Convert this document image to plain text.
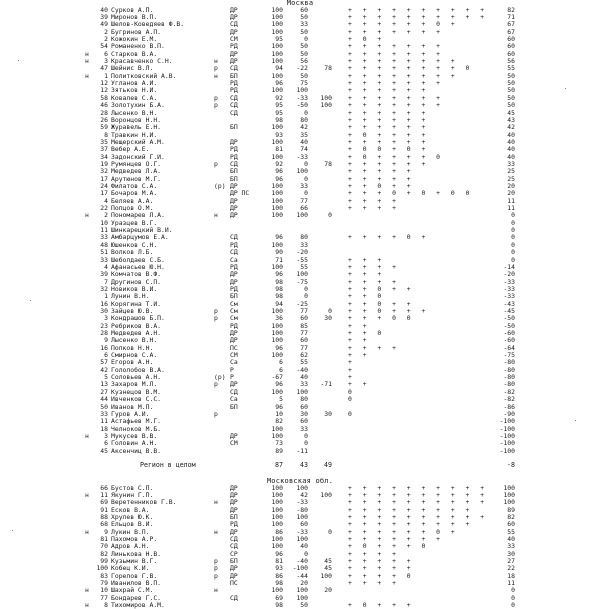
Москва
40 Сурков А.П.	ДР	100	60	+ + + + + + + + + +	82
39 Миронов В.П.	ДР	100	50	+ + + + + + + + + +	71
49 Шелов-Коведяев Ф.В.	СД	100	33	+ + + + + + 0 +	67
2 Бугринов А.П.	ДР	100	50	+ + + + + + +	67
2 Кожокин Е.М.	СМ	95	0	+ 0 +	60
54 Романенко В.П.	РД	100	50	+ + + + + + +	60
н	6 Старков В.А.	ДР	100	50	+ + + + + + +	60
н	3 Красавченко С.Н.	н	ДР	100	56	+ + + + + + + +	56
47 Шейнис В.Л.	р	СД	94	-22	78	+ + + + + + + + 0	55
н	1 Политковский А.В.	н	БП	100	50	+ + + + + + + +	50
12 Угланов А.И.	РД	96	75	+ + + + + + +	50
12 Зятьков Н.И.	РД	100	100	+ + + + + +	50
58 Ковалев С.А.	р	СД	92	-33	100	+ + + + + + +	50
46 Золотухин Б.А.	р	СД	95	-50	100	+ + + + + + +	50
28 Лысенко В.Н.	СД	95	0	+ + + + + +	45
26 Воронцов Н.Н.	98	80	+ + + + + +	43
59 Журавель Е.Н.	БП	100	42	+ + + + + +	42
8 Травкин Н.И.	93	35	+ 0 + + + +	40
35 Мещерский А.М.	ДР	100	40	+ + + + + +	40
37 Вебер А.Е.	РД	81	74	+ 0 0 + 0 +	40
34 Задонский Г.И.	РД	100	-33	+ 0 + + + + 0	40
19 Румянцев О.Г.	р	СД	92	0	78	+ + + + + +	33
32 Медведев Л.А.	БП	96	100	+ + + + +	25
17 Арутюнов М.Г.	БП	96	0	+ + + + +	25
24 Филатов С.А.	(р) ДР	100	33	+ + 0 + +	20
17 Бочаров М.А.	ДР ПС	100	0	+ + + 0 + 0 + 0 0	20
4 Беляев А.А.	ДР	100	77	+ + + +	11
22 Попцов О.М.	ДР	100	66	+ + + +	11
н	2 Пономарев Л.А.	н	ДР	100	100	0	0
10 Уразцев В.Г.	0
11 Шинкарецкий В.И.	0
33 Амбарцумов Е.А.	СД	96	80	+ + + + 0 +	0
48 Юшенков С.Н.	РД	100	33	0
51 Волков Л.Б.	СД	90	-20	0
33 Шеболдаев С.Б.	Са	71	-55	+ + +	0
4 Афанасьев Ю.Н.	РД	100	55	+ + + +	-14
39 Комчатов В.Ф.	ДР	96	100	+ + +	-20
7 Другинов С.П.	ДР	98	-75	+ + + +	-33
32 Новиков В.И.	РД	98	0	+ + 0 + +	-33
1 Лунин В.Н.	БП	98	0	+ + 0	-33
16 Корягина Т.И.	См	94	-25	+ + 0 + +	-43
30 Зайцев Ю.В.	р	См	100	77	0	+ + 0 + + +	-45
3 Кондрашов Б.П.	р	См	36	60	30	+ + + 0 0	-50
23 Ребриков В.А.	РД	100	85	+ +	-50
28 Медведев А.Н.	ДР	100	77	+ + 0	-60
9 Лысенко В.Н.	ДР	100	60	+ +	-60
16 Попков Н.Н.	ПС	96	77	+ + + +	-64
6 Смирнов С.А.	СМ	100	62	+ +	-75
57 Егоров А.Н.	Са	6	55	+	-80
42 Гололобов В.А.	Р	6	-40	+	-80
5 Соловьев А.Н.	(р) Р	-67	40	+	-80
13 Захаров М.Л.	р	ДР	96	33	-71	+ +	-80
27 Кузнецов В.М.	СД	100	100	0	-82
44 Ивченков С.С.	Са	5	80	0	-82
50 Иванов М.П.	БП	96	60	-86
33 Гуров А.И.	р	10	30	30	0	-90
11 Астафьев М.Г.	82	60	-100
18 Челноков М.Б.	100	33	-100
н	3 Мукусев В.В.	ДР	100	0	-100
6 Головин А.Н.	СМ	73	0	-100
45 Аксенчиц В.В.	89	-11	-100
Регион в целом	87	43	49	-8
Московская обл.
66 Бустов С.П.	ДР	100	100	+ + + + + + + + + +	100
н	11 Якунин Г.П.	ДР	100	42	100	+ + + + + + + + + +	100
69 Веретенников Г.В.	н	ДР	100	-33	+ + + + + + + + + +	100
91 Есков В.А.	ДР	100	-80	+ + + + + + + + +	89
88 Хрулев Ю.К.	БП	100	100	+ + + + + + + + + +	82
68 Ельцов В.И.	РД	100	60	+ + + + + + + + +	60
н	9 Лукин В.П.	н	ДР	86	-33	0	+ + + + + + 0 +	55
81 Пахомов А.Р.	СД	100	100	+ + + + + + +	40
70 Адров А.Н.	СД	100	40	+ 0 + + + 0	33
82 Линькова Н.В.	СР	96	0	+ + + +	30
99 Кузьмин В.Г.	р	БП	81	-40	45	+ + + + +	27
100 Кобец К.И.	р	ДР	93	-100	45	+ + + + +	22
83 Горелов Г.В.	р	ДР	86	-44	100	+ + + + 0	18
79 Иванилов В.П.	ПС	98	20	+ + + +	11
н	10 Шахрай С.М.	н	100	100	20	0
77 Бондарев Г.С.	СД	69	100	0
н	8 Тихомиров А.М.	98	50	+ 0 + + +	0
